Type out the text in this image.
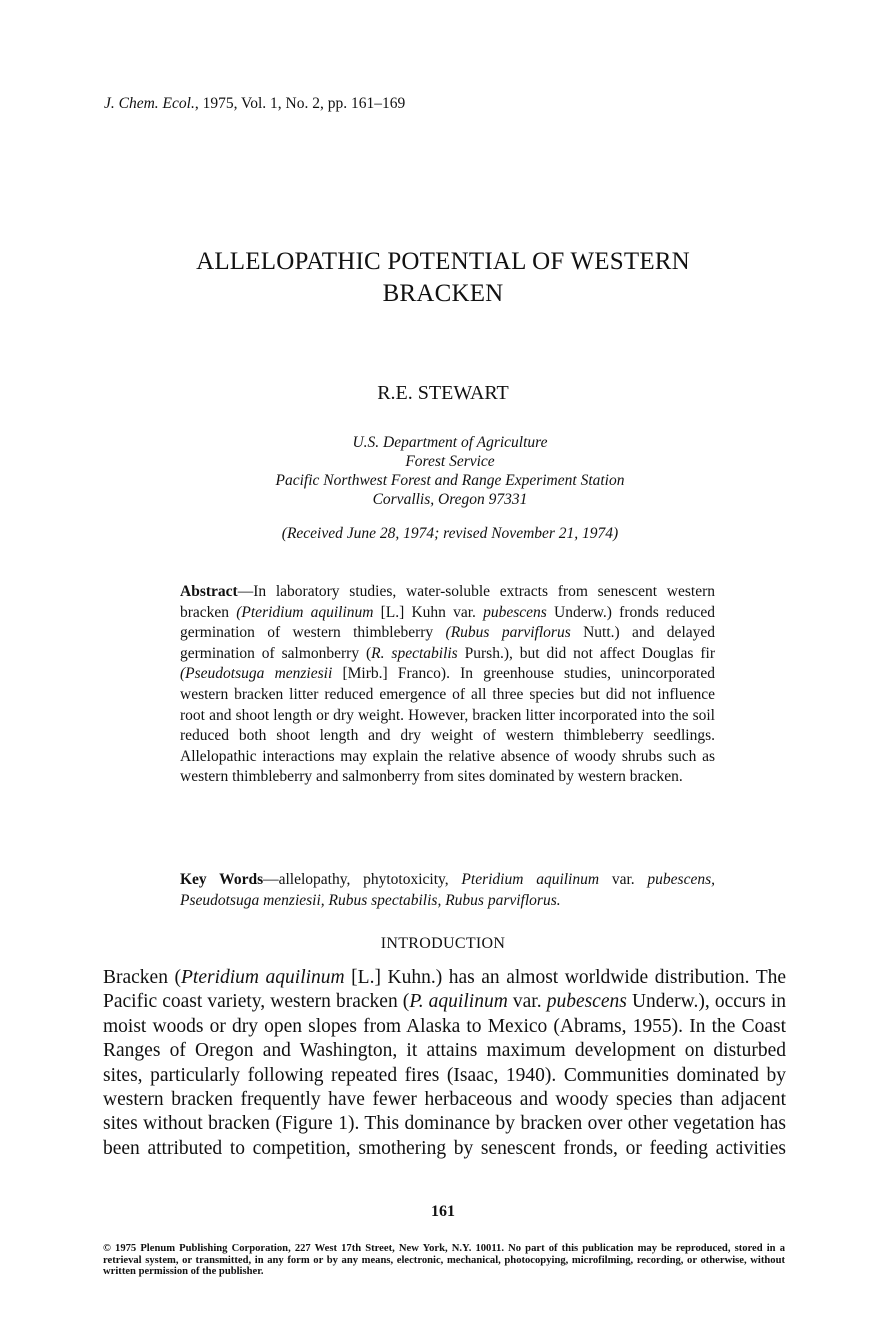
J. Chem. Ecol., 1975, Vol. 1, No. 2, pp. 161–169
ALLELOPATHIC POTENTIAL OF WESTERN
BRACKEN
R.E. STEWART
U.S. Department of Agriculture
Forest Service
Pacific Northwest Forest and Range Experiment Station
Corvallis, Oregon 97331
(Received June 28, 1974; revised November 21, 1974)
Abstract—In laboratory studies, water-soluble extracts from senescent western bracken (Pteridium aquilinum [L.] Kuhn var. pubescens Underw.) fronds reduced germination of western thimbleberry (Rubus parviflorus Nutt.) and delayed germination of salmonberry (R. spectabilis Pursh.), but did not affect Douglas fir (Pseudotsuga menziesii [Mirb.] Franco). In greenhouse studies, unincorporated western bracken litter reduced emergence of all three species but did not influence root and shoot length or dry weight. However, bracken litter incorporated into the soil reduced both shoot length and dry weight of western thimbleberry seedlings. Allelopathic interactions may explain the relative absence of woody shrubs such as western thimbleberry and salmonberry from sites dominated by western bracken.
Key Words—allelopathy, phytotoxicity, Pteridium aquilinum var. pubescens, Pseudotsuga menziesii, Rubus spectabilis, Rubus parviflorus.
INTRODUCTION
Bracken (Pteridium aquilinum [L.] Kuhn.) has an almost worldwide distribution. The Pacific coast variety, western bracken (P. aquilinum var. pubescens Underw.), occurs in moist woods or dry open slopes from Alaska to Mexico (Abrams, 1955). In the Coast Ranges of Oregon and Washington, it attains maximum development on disturbed sites, particularly following repeated fires (Isaac, 1940). Communities dominated by western bracken frequently have fewer herbaceous and woody species than adjacent sites without bracken (Figure 1). This dominance by bracken over other vegetation has been attributed to competition, smothering by senescent fronds, or feeding activities
161
© 1975 Plenum Publishing Corporation, 227 West 17th Street, New York, N.Y. 10011. No part of this publication may be reproduced, stored in a retrieval system, or transmitted, in any form or by any means, electronic, mechanical, photocopying, microfilming, recording, or otherwise, without written permission of the publisher.
